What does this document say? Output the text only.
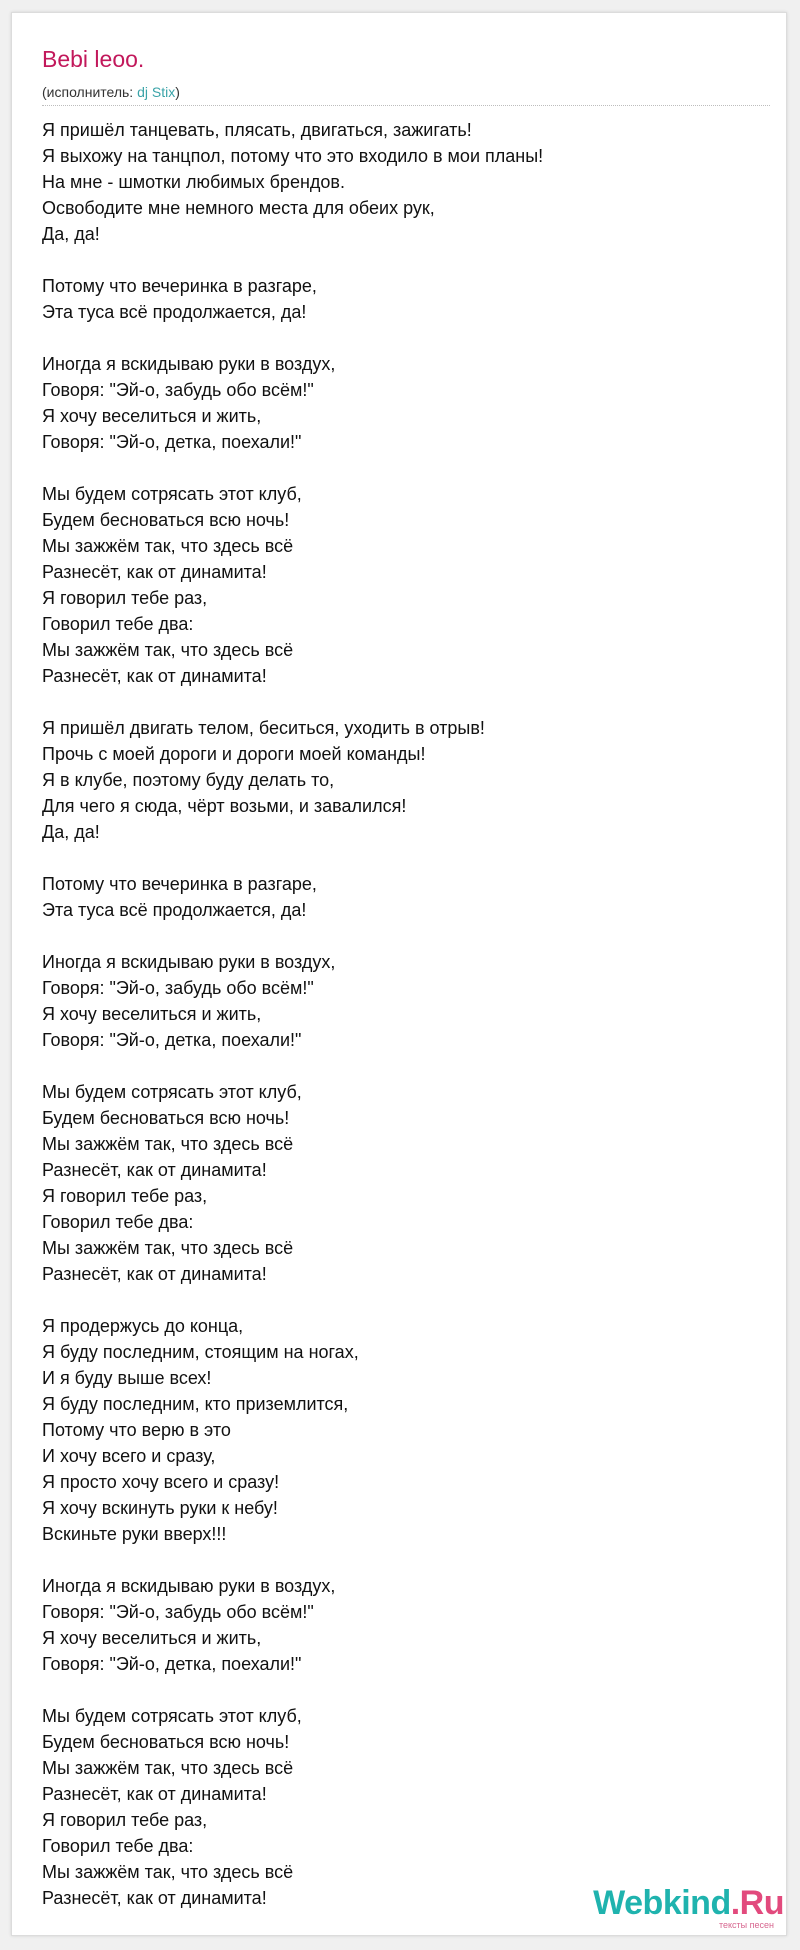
Bebi leoo.
(исполнитель: dj Stix)
Я пришёл танцевать, плясать, двигаться, зажигать!
Я выхожу на танцпол, потому что это входило в мои планы!
На мне - шмотки любимых брендов.
Освободите мне немного места для обеих рук,
Да, да!
Потому что вечеринка в разгаре,
Эта туса всё продолжается, да!
Иногда я вскидываю руки в воздух,
Говоря: "Эй-о, забудь обо всём!"
Я хочу веселиться и жить,
Говоря: "Эй-о, детка, поехали!"
Мы будем сотрясать этот клуб,
Будем бесноваться всю ночь!
Мы зажжём так, что здесь всё
Разнесёт, как от динамита!
Я говорил тебе раз,
Говорил тебе два:
Мы зажжём так, что здесь всё
Разнесёт, как от динамита!
Я пришёл двигать телом, беситься, уходить в отрыв!
Прочь с моей дороги и дороги моей команды!
Я в клубе, поэтому буду делать то,
Для чего я сюда, чёрт возьми, и завалился!
Да, да!
Потому что вечеринка в разгаре,
Эта туса всё продолжается, да!
Иногда я вскидываю руки в воздух,
Говоря: "Эй-о, забудь обо всём!"
Я хочу веселиться и жить,
Говоря: "Эй-о, детка, поехали!"
Мы будем сотрясать этот клуб,
Будем бесноваться всю ночь!
Мы зажжём так, что здесь всё
Разнесёт, как от динамита!
Я говорил тебе раз,
Говорил тебе два:
Мы зажжём так, что здесь всё
Разнесёт, как от динамита!
Я продержусь до конца,
Я буду последним, стоящим на ногах,
И я буду выше всех!
Я буду последним, кто приземлится,
Потому что верю в это
И хочу всего и сразу,
Я просто хочу всего и сразу!
Я хочу вскинуть руки к небу!
Вскиньте руки вверх!!!
Иногда я вскидываю руки в воздух,
Говоря: "Эй-о, забудь обо всём!"
Я хочу веселиться и жить,
Говоря: "Эй-о, детка, поехали!"
Мы будем сотрясать этот клуб,
Будем бесноваться всю ночь!
Мы зажжём так, что здесь всё
Разнесёт, как от динамита!
Я говорил тебе раз,
Говорил тебе два:
Мы зажжём так, что здесь всё
Разнесёт, как от динамита!	Webkind.Ru
тексты песен
